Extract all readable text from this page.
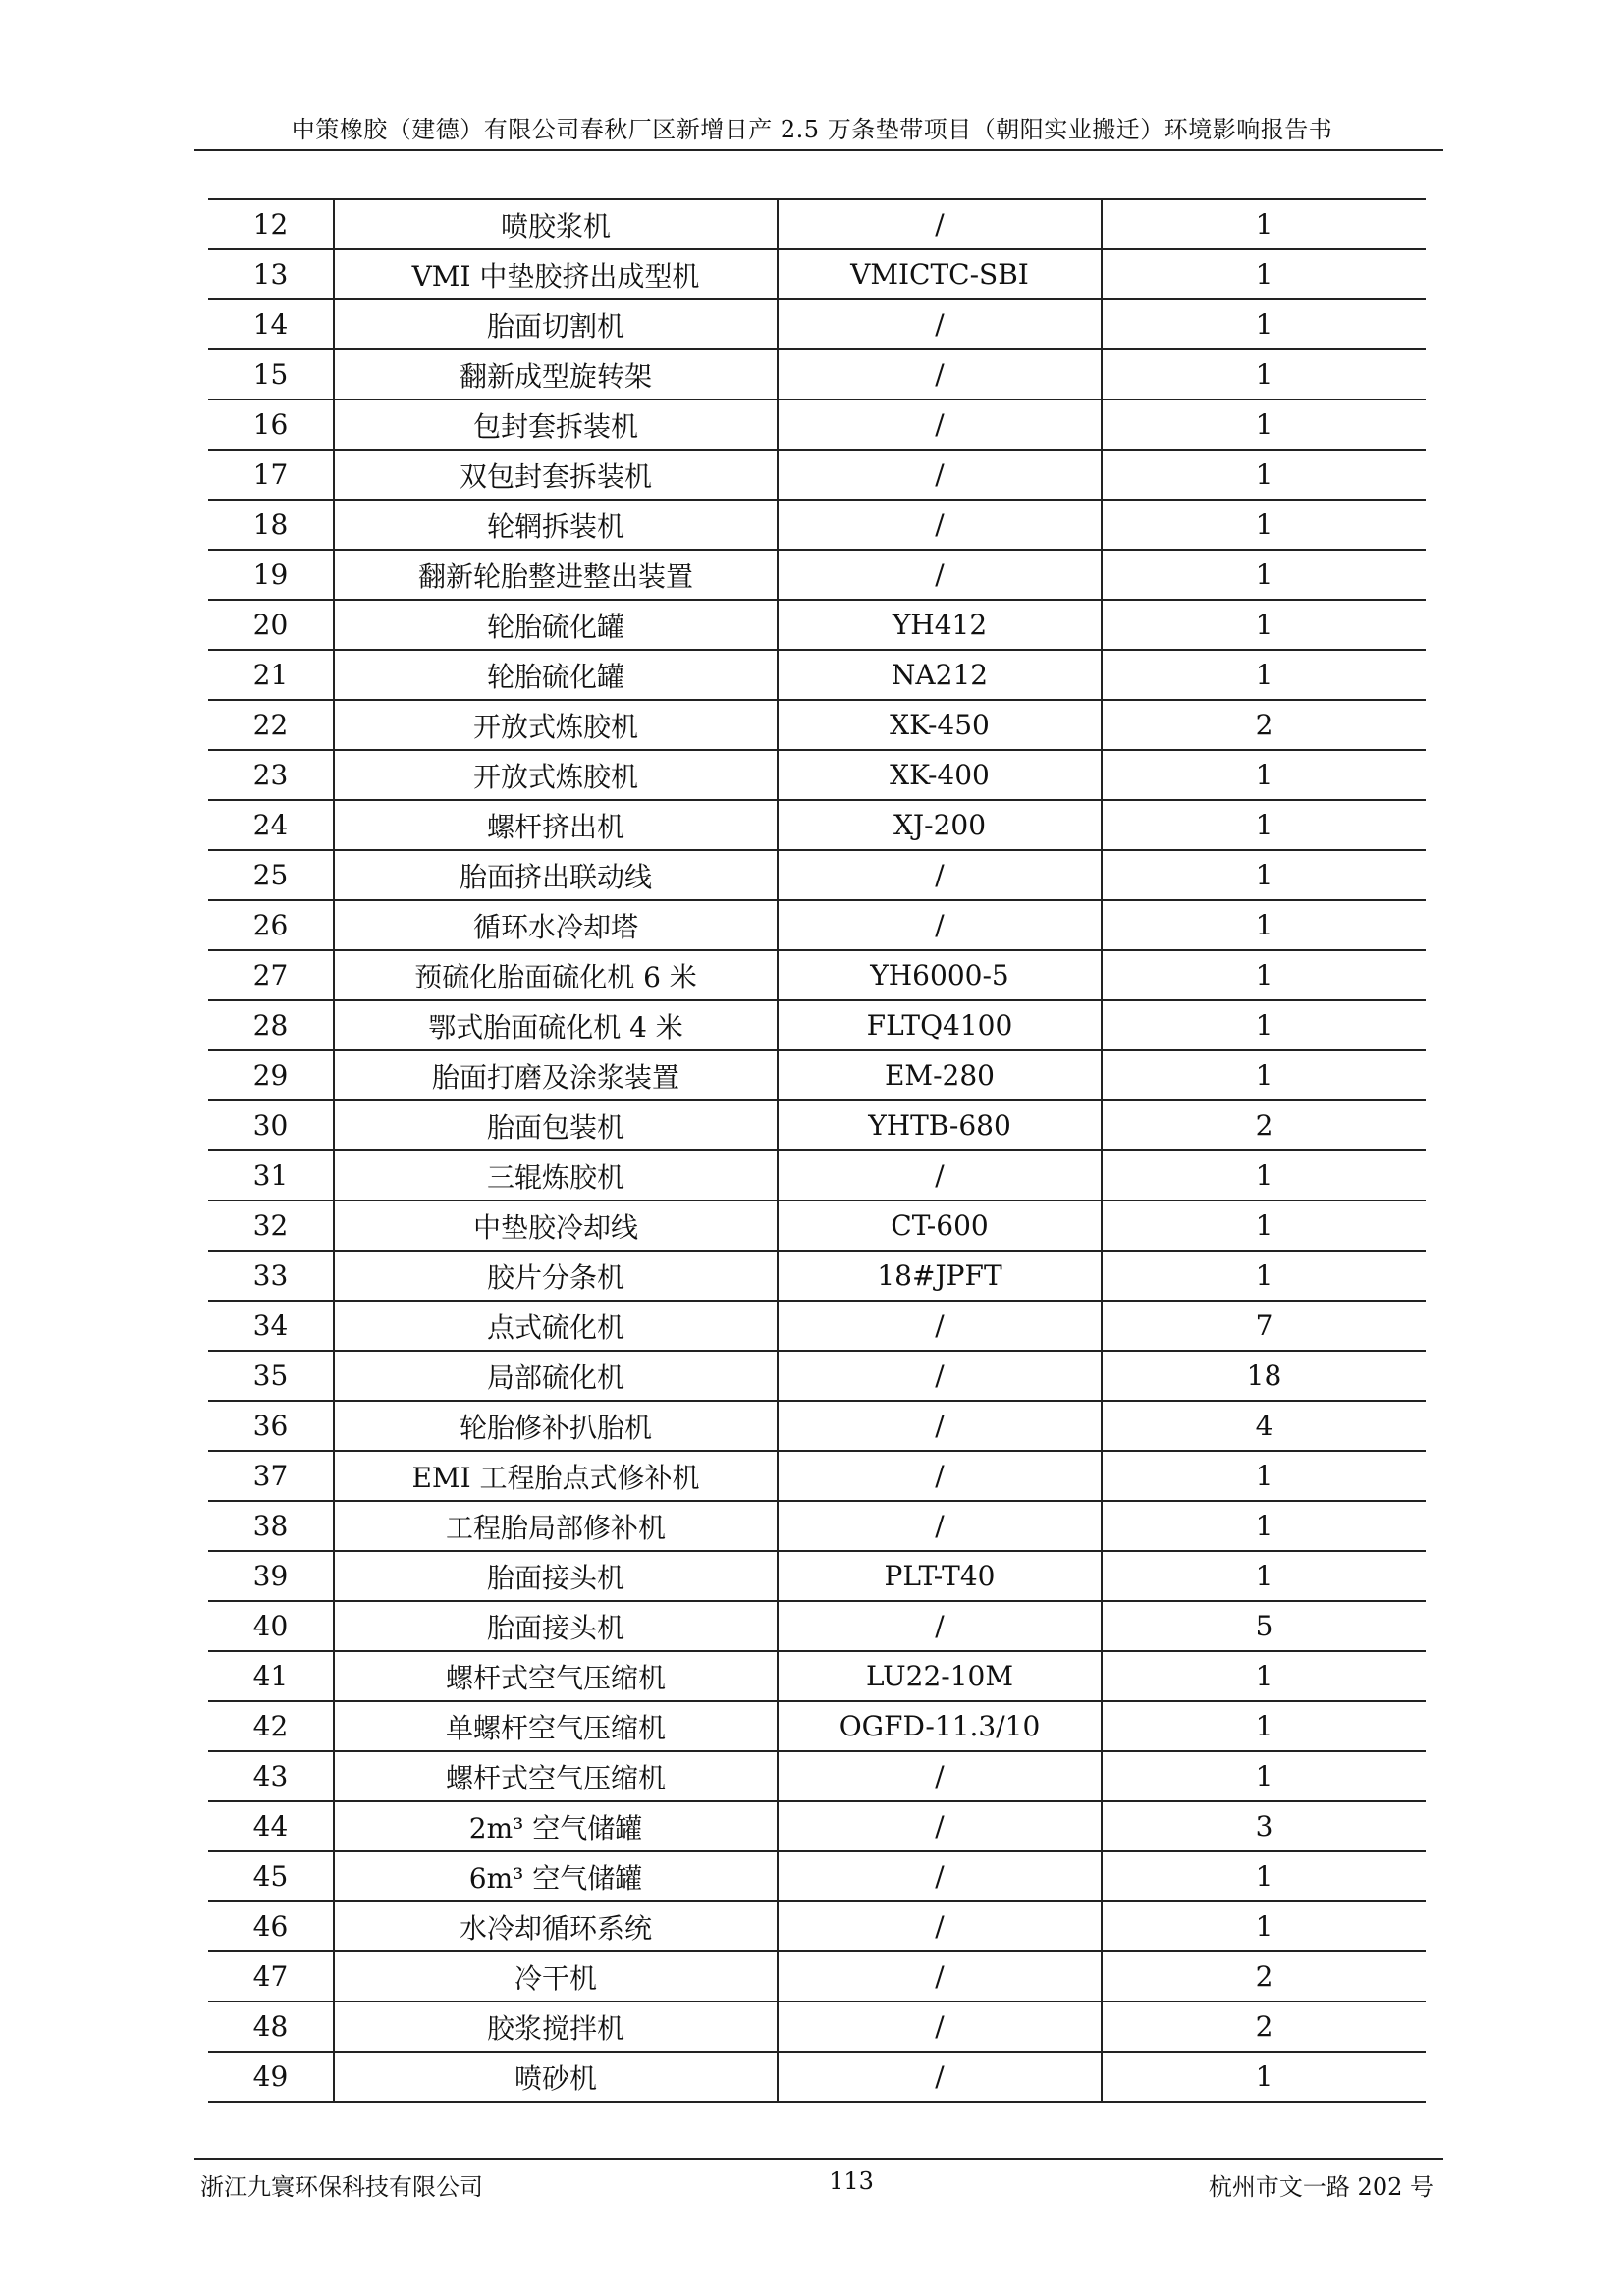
中策橡胶（建德）有限公司春秋厂区新增日产 2.5 万条垫带项目（朝阳实业搬迁）环境影响报告书
12	喷胶浆机	/	1
13	VMI 中垫胶挤出成型机	VMICTC-SBI	1
14	胎面切割机	/	1
15	翻新成型旋转架	/	1
16	包封套拆装机	/	1
17	双包封套拆装机	/	1
18	轮辋拆装机	/	1
19	翻新轮胎整进整出装置	/	1
20	轮胎硫化罐	YH412	1
21	轮胎硫化罐	NA212	1
22	开放式炼胶机	XK-450	2
23	开放式炼胶机	XK-400	1
24	螺杆挤出机	XJ-200	1
25	胎面挤出联动线	/	1
26	循环水冷却塔	/	1
27	预硫化胎面硫化机 6 米	YH6000-5	1
28	鄂式胎面硫化机 4 米	FLTQ4100	1
29	胎面打磨及涂浆装置	EM-280	1
30	胎面包装机	YHTB-680	2
31	三辊炼胶机	/	1
32	中垫胶冷却线	CT-600	1
33	胶片分条机	18#JPFT	1
34	点式硫化机	/	7
35	局部硫化机	/	18
36	轮胎修补扒胎机	/	4
37	EMI 工程胎点式修补机	/	1
38	工程胎局部修补机	/	1
39	胎面接头机	PLT-T40	1
40	胎面接头机	/	5
41	螺杆式空气压缩机	LU22-10M	1
42	单螺杆空气压缩机	OGFD-11.3/10	1
43	螺杆式空气压缩机	/	1
44	2m³ 空气储罐	/	3
45	6m³ 空气储罐	/	1
46	水冷却循环系统	/	1
47	冷干机	/	2
48	胶浆搅拌机	/	2
49	喷砂机	/	1
浙江九寰环保科技有限公司	113	杭州市文一路 202 号
